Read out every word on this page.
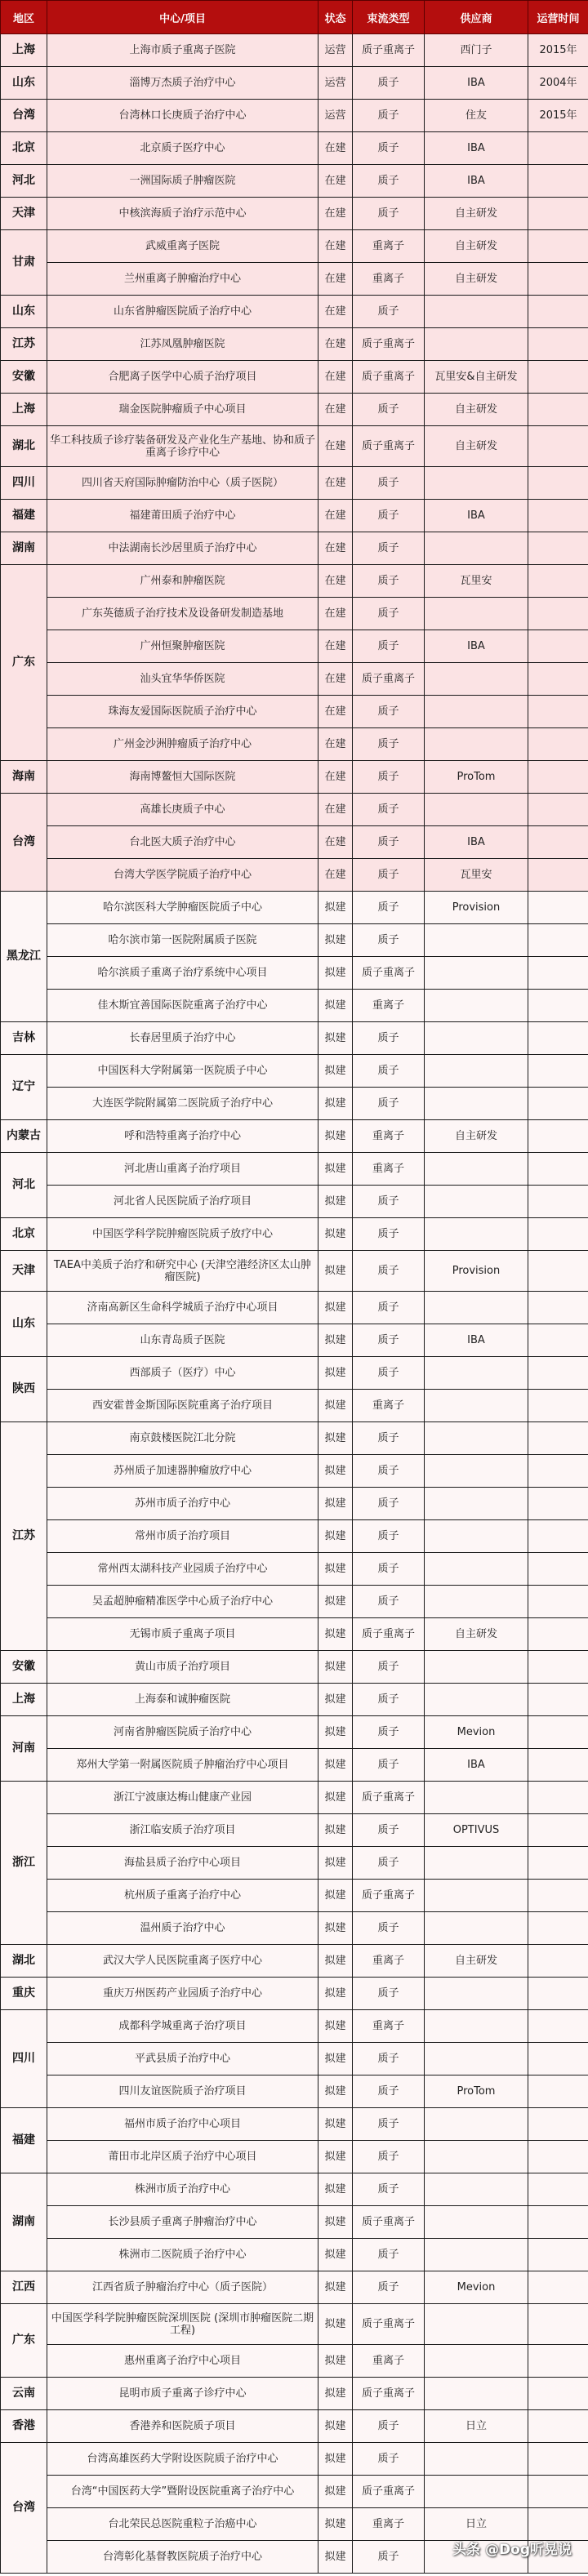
地区	中心/项目	状态	束流类型	供应商	运营时间
上海	上海市质子重离子医院	运营	质子重离子	西门子	2015年
山东	淄博万杰质子治疗中心	运营	质子	IBA	2004年
台湾	台湾林口长庚质子治疗中心	运营	质子	住友	2015年
北京	北京质子医疗中心	在建	质子	IBA	
河北	一洲国际质子肿瘤医院	在建	质子	IBA	
天津	中核滨海质子治疗示范中心	在建	质子	自主研发	
甘肃	武威重离子医院	在建	重离子	自主研发	
	兰州重离子肿瘤治疗中心	在建	重离子	自主研发	
山东	山东省肿瘤医院质子治疗中心	在建	质子		
江苏	江苏凤凰肿瘤医院	在建	质子重离子		
安徽	合肥离子医学中心质子治疗项目	在建	质子重离子	瓦里安&自主研发	
上海	瑞金医院肿瘤质子中心项目	在建	质子	自主研发	
湖北	华工科技质子诊疗装备研发及产业化生产基地、协和质子重离子诊疗中心	在建	质子重离子	自主研发	
四川	四川省天府国际肿瘤防治中心（质子医院）	在建	质子		
福建	福建莆田质子治疗中心	在建	质子	IBA	
湖南	中法湖南长沙居里质子治疗中心	在建	质子		
广东	广州泰和肿瘤医院	在建	质子	瓦里安	
	广东英德质子治疗技术及设备研发制造基地	在建	质子		
	广州恒聚肿瘤医院	在建	质子	IBA	
	汕头宜华华侨医院	在建	质子重离子		
	珠海友爱国际医院质子治疗中心	在建	质子		
	广州金沙洲肿瘤质子治疗中心	在建	质子		
海南	海南博鳌恒大国际医院	在建	质子	ProTom	
台湾	高雄长庚质子中心	在建	质子		
	台北医大质子治疗中心	在建	质子	IBA	
	台湾大学医学院质子治疗中心	在建	质子	瓦里安	
黑龙江	哈尔滨医科大学肿瘤医院质子中心	拟建	质子	Provision	
	哈尔滨市第一医院附属质子医院	拟建	质子		
	哈尔滨质子重离子治疗系统中心项目	拟建	质子重离子		
	佳木斯宜善国际医院重离子治疗中心	拟建	重离子		
吉林	长春居里质子治疗中心	拟建	质子		
辽宁	中国医科大学附属第一医院质子中心	拟建	质子		
	大连医学院附属第二医院质子治疗中心	拟建	质子		
内蒙古	呼和浩特重离子治疗中心	拟建	重离子	自主研发	
河北	河北唐山重离子治疗项目	拟建	重离子		
	河北省人民医院质子治疗项目	拟建	质子		
北京	中国医学科学院肿瘤医院质子放疗中心	拟建	质子		
天津	TAEA中美质子治疗和研究中心 (天津空港经济区太山肿瘤医院)	拟建	质子	Provision	
山东	济南高新区生命科学城质子治疗中心项目	拟建	质子		
	山东青岛质子医院	拟建	质子	IBA	
陕西	西部质子（医疗）中心	拟建	质子		
	西安霍普金斯国际医院重离子治疗项目	拟建	重离子		
江苏	南京鼓楼医院江北分院	拟建	质子		
	苏州质子加速器肿瘤放疗中心	拟建	质子		
	苏州市质子治疗中心	拟建	质子		
	常州市质子治疗项目	拟建	质子		
	常州西太湖科技产业园质子治疗中心	拟建	质子		
	吴孟超肿瘤精准医学中心质子治疗中心	拟建	质子		
	无锡市质子重离子项目	拟建	质子重离子	自主研发	
安徽	黄山市质子治疗项目	拟建	质子		
上海	上海泰和诚肿瘤医院	拟建	质子		
河南	河南省肿瘤医院质子治疗中心	拟建	质子	Mevion	
	郑州大学第一附属医院质子肿瘤治疗中心项目	拟建	质子	IBA	
浙江	浙江宁波康达梅山健康产业园	拟建	质子重离子		
	浙江临安质子治疗项目	拟建	质子	OPTIVUS	
	海盐县质子治疗中心项目	拟建	质子		
	杭州质子重离子治疗中心	拟建	质子重离子		
	温州质子治疗中心	拟建	质子		
湖北	武汉大学人民医院重离子医疗中心	拟建	重离子	自主研发	
重庆	重庆万州医药产业园质子治疗中心	拟建	质子		
四川	成都科学城重离子治疗项目	拟建	重离子		
	平武县质子治疗中心	拟建	质子		
	四川友谊医院质子治疗项目	拟建	质子	ProTom	
福建	福州市质子治疗中心项目	拟建	质子		
	莆田市北岸区质子治疗中心项目	拟建	质子		
湖南	株洲市质子治疗中心	拟建	质子		
	长沙县质子重离子肿瘤治疗中心	拟建	质子重离子		
	株洲市二医院质子治疗中心	拟建	质子		
江西	江西省质子肿瘤治疗中心（质子医院）	拟建	质子	Mevion	
广东	中国医学科学院肿瘤医院深圳医院 (深圳市肿瘤医院二期工程)	拟建	质子重离子		
	惠州重离子治疗中心项目	拟建	重离子		
云南	昆明市质子重离子诊疗中心	拟建	质子重离子		
香港	香港养和医院质子项目	拟建	质子	日立	
台湾	台湾高雄医药大学附设医院质子治疗中心	拟建	质子		
	台湾“中国医药大学”暨附设医院重离子治疗中心	拟建	质子重离子		
	台北荣民总医院重粒子治癌中心	拟建	重离子	日立	
	台湾彰化基督教医院质子治疗中心	拟建	质子			头条 @Dog听晃说
